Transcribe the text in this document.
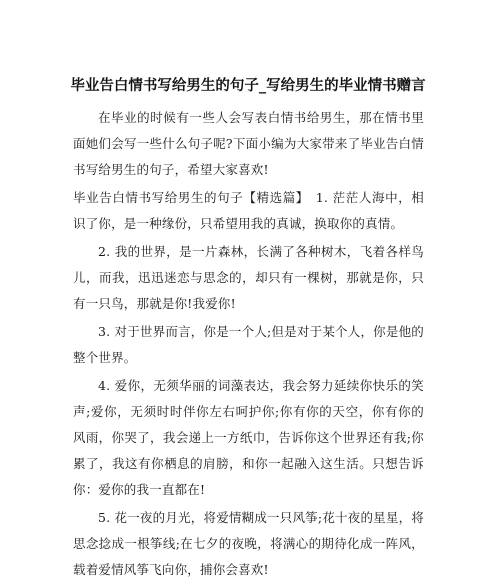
毕业告白情书写给男生的句子_写给男生的毕业情书赠言

在毕业的时候有一些人会写表白情书给男生，那在情书里面她们会写一些什么句子呢?下面小编为大家带来了毕业告白情书写给男生的句子，希望大家喜欢!

毕业告白情书写给男生的句子【精选篇】　1. 茫茫人海中，相识了你，是一种缘份，只希望用我的真诚，换取你的真情。

2. 我的世界，是一片森林，长满了各种树木，飞着各样鸟儿，而我，迅迅迷恋与思念的，却只有一棵树，那就是你，只有一只鸟，那就是你!我爱你!

3. 对于世界而言，你是一个人;但是对于某个人，你是他的整个世界。

4. 爱你，无须华丽的词藻表达，我会努力延续你快乐的笑声;爱你，无须时时伴你左右呵护你;你有你的天空，你有你的风雨，你哭了，我会递上一方纸巾，告诉你这个世界还有我;你累了，我这有你栖息的肩膀，和你一起融入这生活。只想告诉你：爱你的我一直都在!

5. 花一夜的月光，将爱情糊成一只风筝;花十夜的星星，将思念捻成一根筝线;在七夕的夜晚，将满心的期待化成一阵风，载着爱情风筝飞向你，捕你会喜欢!
